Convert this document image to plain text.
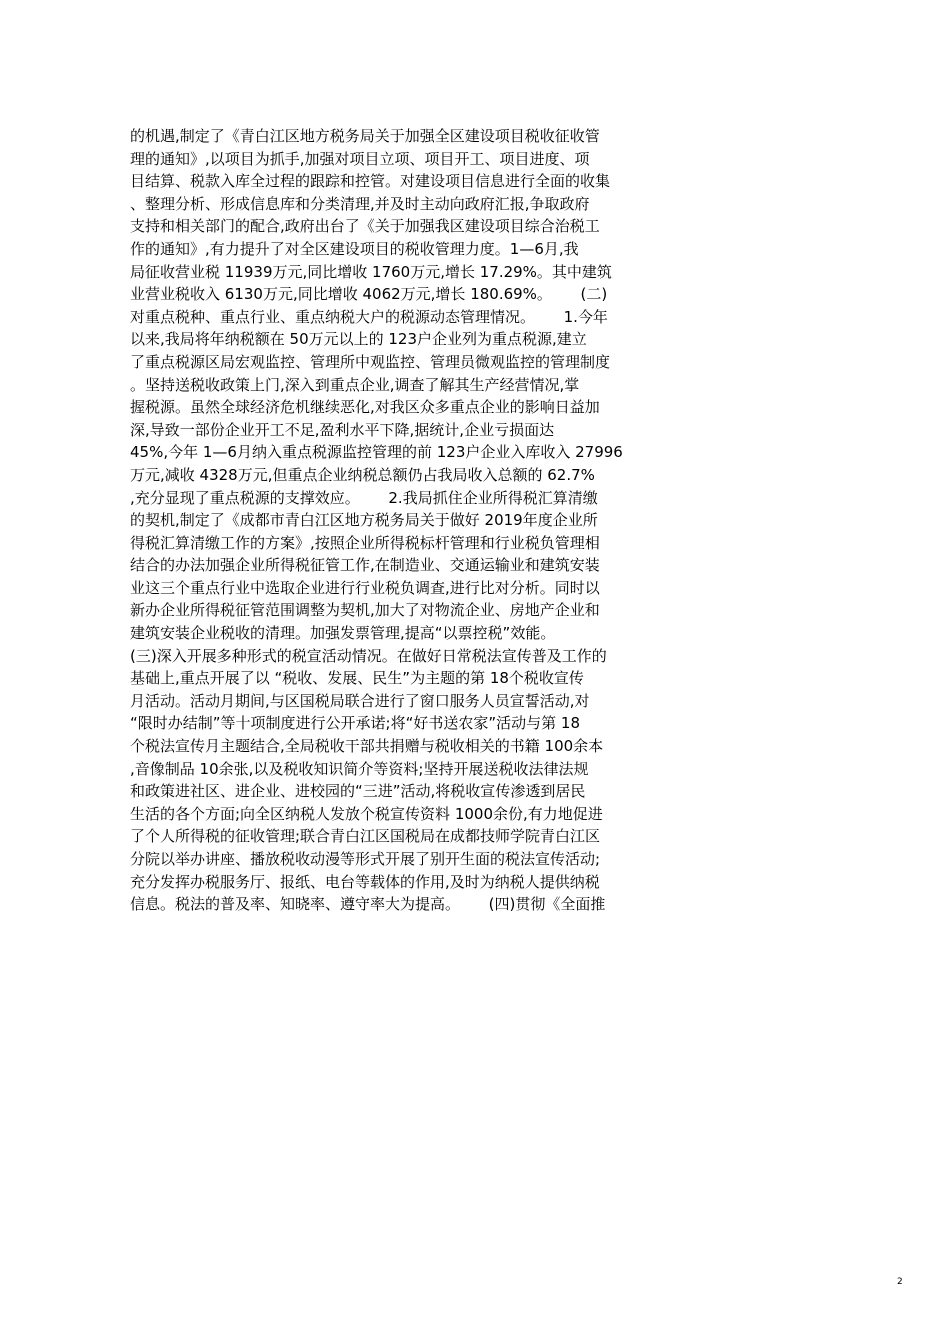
的机遇,制定了《青白江区地方税务局关于加强全区建设项目税收征收管
理的通知》,以项目为抓手,加强对项目立项、项目开工、项目进度、项
目结算、税款入库全过程的跟踪和控管。对建设项目信息进行全面的收集
、整理分析、形成信息库和分类清理,并及时主动向政府汇报,争取政府
支持和相关部门的配合,政府出台了《关于加强我区建设项目综合治税工
作的通知》,有力提升了对全区建设项目的税收管理力度。1—6月,我
局征收营业税 11939万元,同比增收 1760万元,增长 17.29%。其中建筑
业营业税收入 6130万元,同比增收 4062万元,增长 180.69%。      (二)
对重点税种、重点行业、重点纳税大户的税源动态管理情况。      1.今年
以来,我局将年纳税额在 50万元以上的 123户企业列为重点税源,建立
了重点税源区局宏观监控、管理所中观监控、管理员微观监控的管理制度
。坚持送税收政策上门,深入到重点企业,调查了解其生产经营情况,掌
握税源。虽然全球经济危机继续恶化,对我区众多重点企业的影响日益加
深,导致一部份企业开工不足,盈利水平下降,据统计,企业亏损面达
45%,今年 1—6月纳入重点税源监控管理的前 123户企业入库收入 27996
万元,减收 4328万元,但重点企业纳税总额仍占我局收入总额的 62.7%
,充分显现了重点税源的支撑效应。      2.我局抓住企业所得税汇算清缴
的契机,制定了《成都市青白江区地方税务局关于做好 2019年度企业所
得税汇算清缴工作的方案》,按照企业所得税标杆管理和行业税负管理相
结合的办法加强企业所得税征管工作,在制造业、交通运输业和建筑安装
业这三个重点行业中选取企业进行行业税负调查,进行比对分析。同时以
新办企业所得税征管范围调整为契机,加大了对物流企业、房地产企业和
建筑安装企业税收的清理。加强发票管理,提高“以票控税”效能。
(三)深入开展多种形式的税宣活动情况。在做好日常税法宣传普及工作的
基础上,重点开展了以 “税收、发展、民生”为主题的第 18个税收宣传
月活动。活动月期间,与区国税局联合进行了窗口服务人员宣誓活动,对
“限时办结制”等十项制度进行公开承诺;将“好书送农家”活动与第 18
个税法宣传月主题结合,全局税收干部共捐赠与税收相关的书籍 100余本
,音像制品 10余张,以及税收知识简介等资料;坚持开展送税收法律法规
和政策进社区、进企业、进校园的“三进”活动,将税收宣传渗透到居民
生活的各个方面;向全区纳税人发放个税宣传资料 1000余份,有力地促进
了个人所得税的征收管理;联合青白江区国税局在成都技师学院青白江区
分院以举办讲座、播放税收动漫等形式开展了别开生面的税法宣传活动;
充分发挥办税服务厅、报纸、电台等载体的作用,及时为纳税人提供纳税
信息。税法的普及率、知晓率、遵守率大为提高。      (四)贯彻《全面推
2
